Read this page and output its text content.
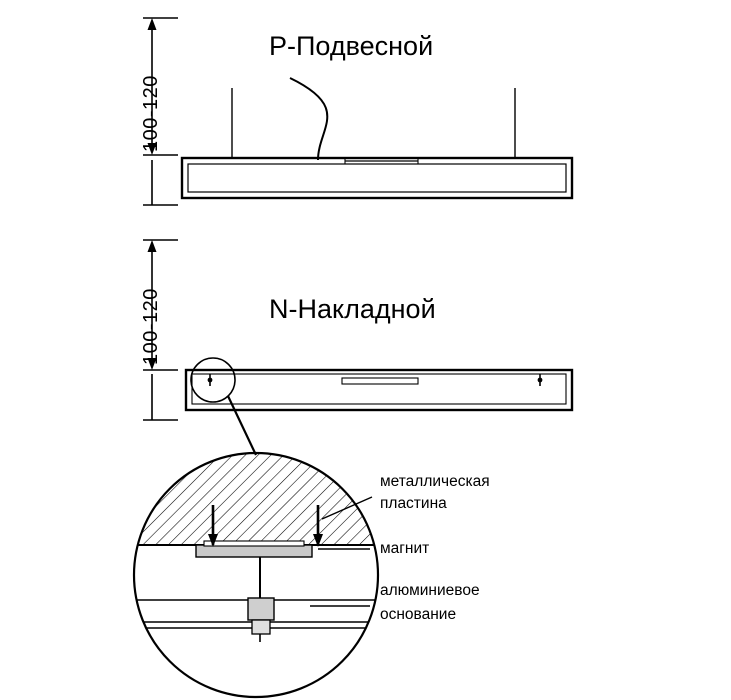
100-120
P-Подвесной
100-120	N-Накладной
металлическая
пластина
магнит
алюминиевое
основание
